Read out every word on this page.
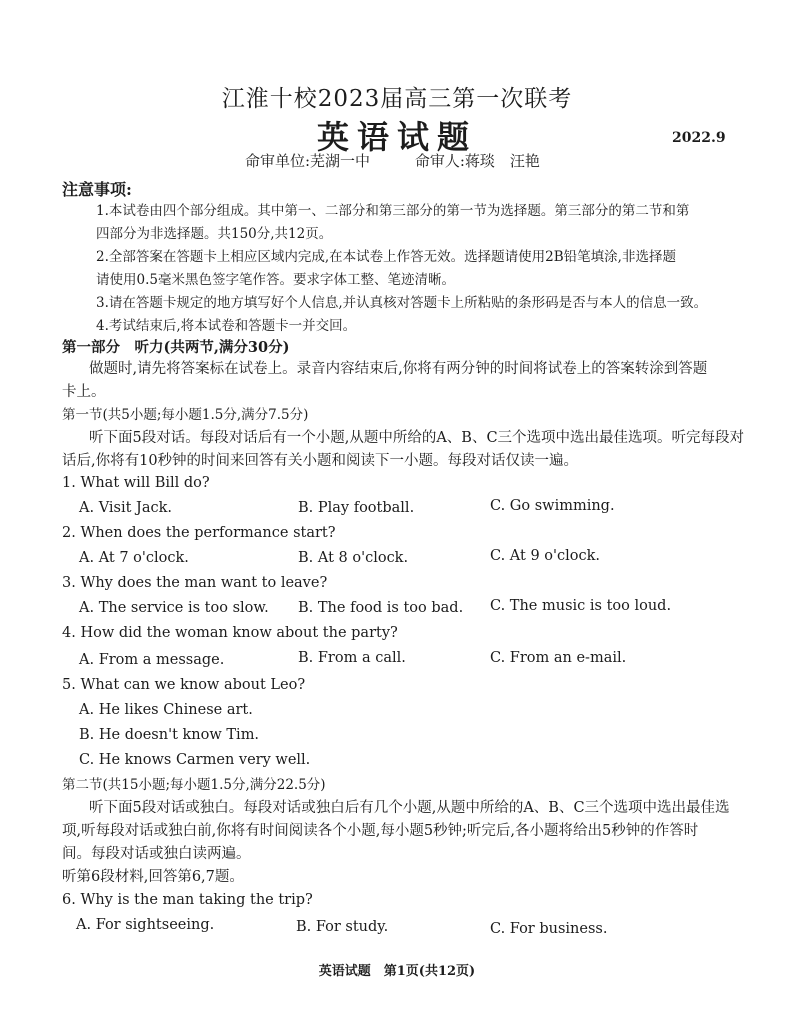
江淮十校2023届高三第一次联考
英语试题	2022.9
命审单位:芜湖一中	命审人:蒋琰　汪艳
注意事项:
1.本试卷由四个部分组成。其中第一、二部分和第三部分的第一节为选择题。第三部分的第二节和第
四部分为非选择题。共150分,共12页。
2.全部答案在答题卡上相应区域内完成,在本试卷上作答无效。选择题请使用2B铅笔填涂,非选择题
请使用0.5毫米黑色签字笔作答。要求字体工整、笔迹清晰。
3.请在答题卡规定的地方填写好个人信息,并认真核对答题卡上所粘贴的条形码是否与本人的信息一致。
4.考试结束后,将本试卷和答题卡一并交回。
第一部分　听力(共两节,满分30分)
做题时,请先将答案标在试卷上。录音内容结束后,你将有两分钟的时间将试卷上的答案转涂到答题
卡上。
第一节(共5小题;每小题1.5分,满分7.5分)
听下面5段对话。每段对话后有一个小题,从题中所给的A、B、C三个选项中选出最佳选项。听完每段对
话后,你将有10秒钟的时间来回答有关小题和阅读下一小题。每段对话仅读一遍。
1. What will Bill do?
A. Visit Jack.	B. Play football.	C. Go swimming.
2. When does the performance start?
A. At 7 o'clock.	B. At 8 o'clock.	C. At 9 o'clock.
3. Why does the man want to leave?
A. The service is too slow. B. The food is too bad. C. The music is too loud.
4. How did the woman know about the party?
A. From a message.	B. From a call.	C. From an e-mail.
5. What can we know about Leo?
A. He likes Chinese art.
B. He doesn't know Tim.
C. He knows Carmen very well.
第二节(共15小题;每小题1.5分,满分22.5分)
听下面5段对话或独白。每段对话或独白后有几个小题,从题中所给的A、B、C三个选项中选出最佳选
项,听每段对话或独白前,你将有时间阅读各个小题,每小题5秒钟;听完后,各小题将给出5秒钟的作答时
间。每段对话或独白读两遍。
听第6段材料,回答第6,7题。
6. Why is the man taking the trip?
A. For sightseeing.	B. For study.	C. For business.
英语试题　第1页(共12页)
